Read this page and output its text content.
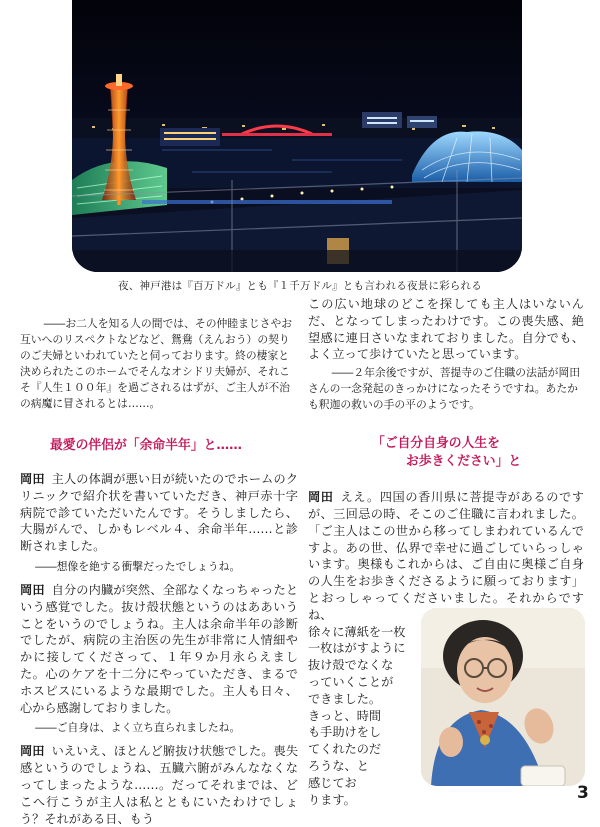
夜、神戸港は『百万ドル』とも『１千万ドル』とも言われる夜景に彩られる

――お二人を知る人の間では、その仲睦まじさやお互いへのリスペクトなどなど、鴛鴦（えんおう）の契りのご夫婦といわれていたと伺っております。終の棲家と決められたこのホームでそんなオシドリ夫婦が、それこそ『人生１００年』を過ごされるはずが、ご主人が不治の病魔に冒されるとは……。

最愛の伴侶が「余命半年」と……

岡田 主人の体調が悪い日が続いたのでホームのクリニックで紹介状を書いていただき、神戸赤十字病院で診ていただいたんです。そうしましたら、大腸がんで、しかもレベル４、余命半年……と診断されました。

――想像を絶する衝撃だったでしょうね。

岡田 自分の内臓が突然、全部なくなっちゃったという感覚でした。抜け殻状態というのはああいうことをいうのでしょうね。主人は余命半年の診断でしたが、病院の主治医の先生が非常に人情細やかに接してくださって、１年９か月永らえました。心のケアを十二分にやっていただき、まるでホスピスにいるような最期でした。主人も日々、心から感謝しておりました。

――ご自身は、よく立ち直られましたね。

岡田 いえいえ、ほとんど腑抜け状態でした。喪失感というのでしょうね、五臓六腑がみんななくなってしまったような……。だってそれまでは、どこへ行こうが主人は私とともにいたわけでしょう？それがある日、もう

この広い地球のどこを探しても主人はいないんだ、となってしまったわけです。この喪失感、絶望感に連日さいなまれておりました。自分でも、よく立って歩けていたと思っています。

――２年余後ですが、菩提寺のご住職の法話が岡田さんの一念発起のきっかけになったそうですね。あたかも釈迦の救いの手の平のようです。

「ご自分自身の人生を
お歩きください」と

岡田 ええ。四国の香川県に菩提寺があるのですが、三回忌の時、そこのご住職に言われました。「ご主人はこの世から移ってしまわれているんですよ。あの世、仏界で幸せに過ごしていらっしゃいます。奥様もこれからは、ご自由に奥様ご自身の人生をお歩きくださるように願っております」とおっしゃってくださいました。それからですね、

徐々に薄紙を一枚
一枚はがすように
抜け殻でなくな
っていくことが
できました。
きっと、時間
も手助けをし
てくれたのだ
ろうな、と
感じてお
ります。	3
